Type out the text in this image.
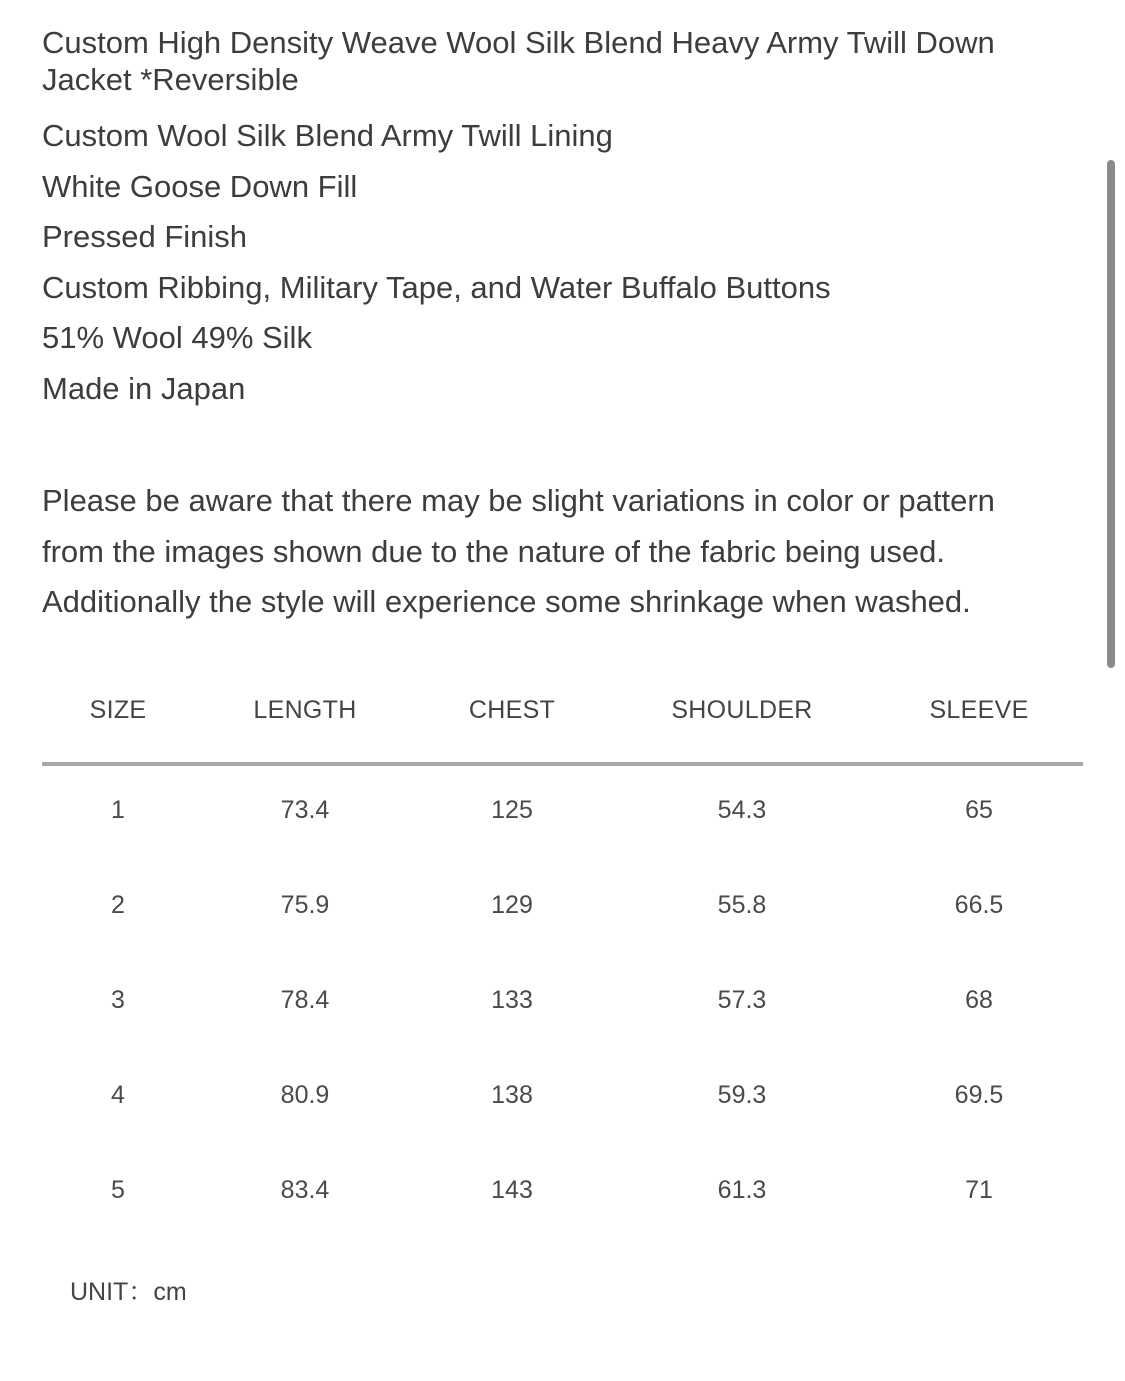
Custom High Density Weave Wool Silk Blend Heavy Army Twill Down Jacket *Reversible

Custom Wool Silk Blend Army Twill Lining

White Goose Down Fill

Pressed Finish

Custom Ribbing, Military Tape, and Water Buffalo Buttons

51% Wool 49% Silk

Made in Japan

Please be aware that there may be slight variations in color or pattern

from the images shown due to the nature of the fabric being used.

Additionally the style will experience some shrinkage when washed.

SIZE	LENGTH	CHEST	SHOULDER	SLEEVE
1	73.4	125	54.3	65
2	75.9	129	55.8	66.5
3	78.4	133	57.3	68
4	80.9	138	59.3	69.5
5	83.4	143	61.3	71
UNIT：cm
